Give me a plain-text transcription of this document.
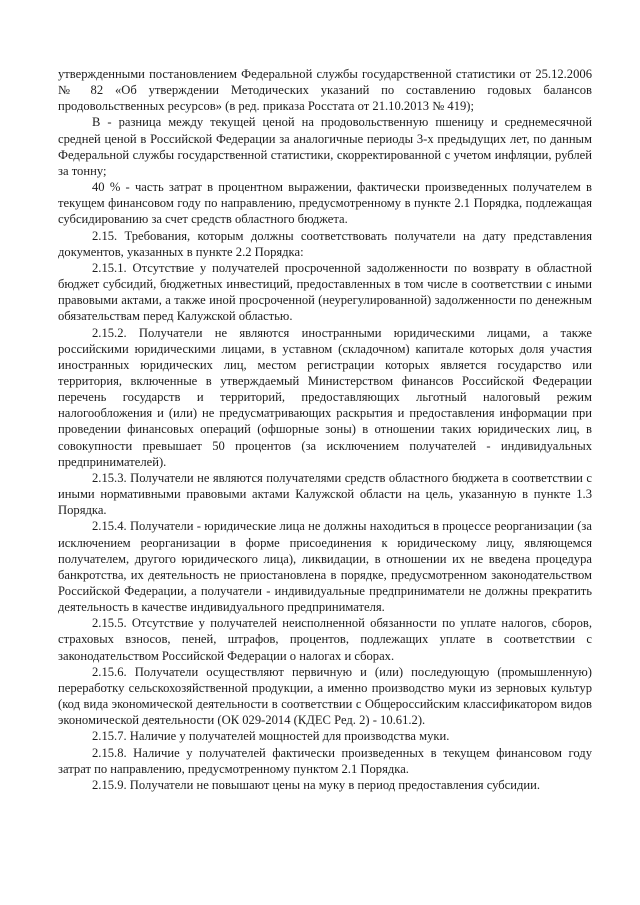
утвержденными постановлением Федеральной службы государственной статистики от 25.12.2006 № 82 «Об утверждении Методических указаний по составлению годовых балансов продовольственных ресурсов» (в ред. приказа Росстата от 21.10.2013 № 419);

В - разница между текущей ценой на продовольственную пшеницу и среднемесячной средней ценой в Российской Федерации за аналогичные периоды 3-х предыдущих лет, по данным Федеральной службы государственной статистики, скорректированной с учетом инфляции, рублей за тонну;

40 % - часть затрат в процентном выражении, фактически произведенных получателем в текущем финансовом году по направлению, предусмотренному в пункте 2.1 Порядка, подлежащая субсидированию за счет средств областного бюджета.

2.15. Требования, которым должны соответствовать получатели на дату представления документов, указанных в пункте 2.2 Порядка:

2.15.1. Отсутствие у получателей просроченной задолженности по возврату в областной бюджет субсидий, бюджетных инвестиций, предоставленных в том числе в соответствии с иными правовыми актами, а также иной просроченной (неурегулированной) задолженности по денежным обязательствам перед Калужской областью.

2.15.2. Получатели не являются иностранными юридическими лицами, а также российскими юридическими лицами, в уставном (складочном) капитале которых доля участия иностранных юридических лиц, местом регистрации которых является государство или территория, включенные в утверждаемый Министерством финансов Российской Федерации перечень государств и территорий, предоставляющих льготный налоговый режим налогообложения и (или) не предусматривающих раскрытия и предоставления информации при проведении финансовых операций (офшорные зоны) в отношении таких юридических лиц, в совокупности превышает 50 процентов (за исключением получателей - индивидуальных предпринимателей).

2.15.3. Получатели не являются получателями средств областного бюджета в соответствии с иными нормативными правовыми актами Калужской области на цель, указанную в пункте 1.3 Порядка.

2.15.4. Получатели - юридические лица не должны находиться в процессе реорганизации (за исключением реорганизации в форме присоединения к юридическому лицу, являющемся получателем, другого юридического лица), ликвидации, в отношении их не введена процедура банкротства, их деятельность не приостановлена в порядке, предусмотренном законодательством Российской Федерации, а получатели - индивидуальные предприниматели не должны прекратить деятельность в качестве индивидуального предпринимателя.

2.15.5. Отсутствие у получателей неисполненной обязанности по уплате налогов, сборов, страховых взносов, пеней, штрафов, процентов, подлежащих уплате в соответствии с законодательством Российской Федерации о налогах и сборах.

2.15.6. Получатели осуществляют первичную и (или) последующую (промышленную) переработку сельскохозяйственной продукции, а именно производство муки из зерновых культур (код вида экономической деятельности в соответствии с Общероссийским классификатором видов экономической деятельности (ОК 029-2014 (КДЕС Ред. 2) - 10.61.2).

2.15.7. Наличие у получателей мощностей для производства муки.

2.15.8. Наличие у получателей фактически произведенных в текущем финансовом году затрат по направлению, предусмотренному пунктом 2.1 Порядка.

2.15.9. Получатели не повышают цены на муку в период предоставления субсидии.
